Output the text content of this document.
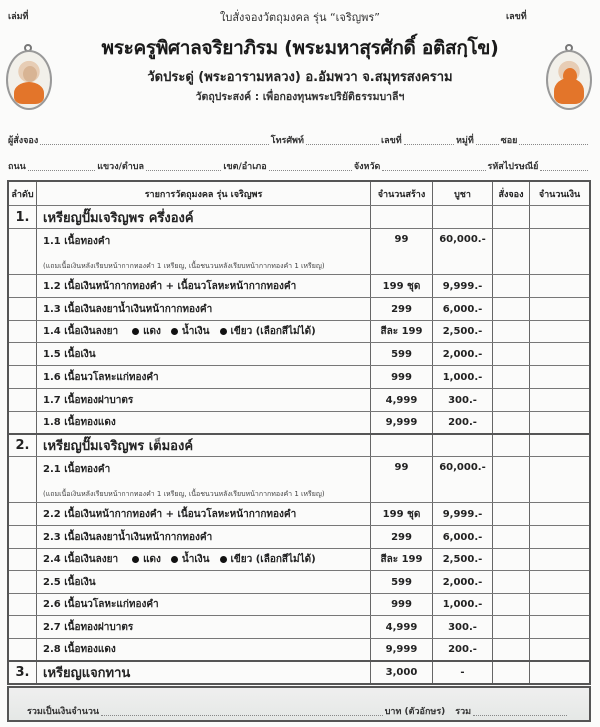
เล่มที่	เลขที่
ใบสั่งจองวัตถุมงคล รุ่น “เจริญพร”
พระครูพิศาลจริยาภิรม (พระมหาสุรศักดิ์ อติสกฺโข)
วัดประดู่ (พระอารามหลวง) อ.อัมพวา จ.สมุทรสงคราม
วัตถุประสงค์ : เพื่อกองทุนพระปริยัติธรรมบาลีฯ
ผู้สั่งจอง	โทรศัพท์	เลขที่	หมู่ที่	ซอย
ถนน	แขวง/ตำบล	เขต/อำเภอ	จังหวัด	รหัสไปรษณีย์
ลำดับ	รายการวัตถุมงคล รุ่น เจริญพร	จำนวนสร้าง	บูชา	สั่งจอง	จำนวนเงิน
1.	เหรียญปั๊มเจริญพร ครึ่งองค์
1.1 เนื้อทองคำ
(แถมเนื้อเงินหลังเรียบหน้ากากทองคำ 1 เหรียญ, เนื้อชนวนหลังเรียบหน้ากากทองคำ 1 เหรียญ)
99	60,000.-
1.2 เนื้อเงินหน้ากากทองคำ + เนื้อนวโลหะหน้ากากทองคำ	199 ชุด	9,999.-
1.3 เนื้อเงินลงยาน้ำเงินหน้ากากทองคำ	299	6,000.-
1.4 เนื้อเงินลงยา	แดง น้ำเงิน เขียว (เลือกสีไม่ได้)	สีละ 199	2,500.-
1.5 เนื้อเงิน	599	2,000.-
1.6 เนื้อนวโลหะแก่ทองคำ	999	1,000.-
1.7 เนื้อทองฝาบาตร	4,999	300.-
1.8 เนื้อทองแดง	9,999	200.-
2.	เหรียญปั๊มเจริญพร เต็มองค์
2.1 เนื้อทองคำ
(แถมเนื้อเงินหลังเรียบหน้ากากทองคำ 1 เหรียญ, เนื้อชนวนหลังเรียบหน้ากากทองคำ 1 เหรียญ)
99	60,000.-
2.2 เนื้อเงินหน้ากากทองคำ + เนื้อนวโลหะหน้ากากทองคำ	199 ชุด	9,999.-
2.3 เนื้อเงินลงยาน้ำเงินหน้ากากทองคำ	299	6,000.-
2.4 เนื้อเงินลงยา	แดง น้ำเงิน เขียว (เลือกสีไม่ได้)	สีละ 199	2,500.-
2.5 เนื้อเงิน	599	2,000.-
2.6 เนื้อนวโลหะแก่ทองคำ	999	1,000.-
2.7 เนื้อทองฝาบาตร	4,999	300.-
2.8 เนื้อทองแดง	9,999	200.-
3.	เหรียญแจกทาน	3,000	-
รวมเป็นเงินจำนวน	บาท (ตัวอักษร) รวม
